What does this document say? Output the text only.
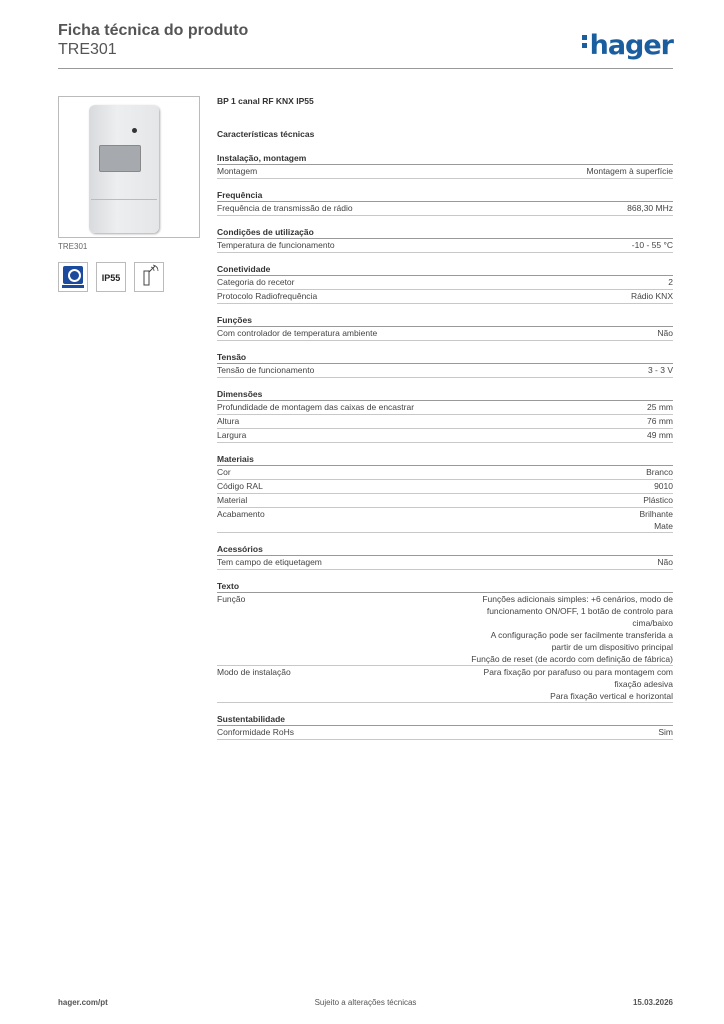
Ficha técnica do produto
TRE301	hager
TRE301
IP55
BP 1 canal RF KNX IP55
Características técnicas
Instalação, montagem
Montagem	Montagem à superfície
Frequência
Frequência de transmissão de rádio	868,30 MHz
Condições de utilização
Temperatura de funcionamento	-10 - 55 °C
Conetividade
Categoria do recetor	2
Protocolo Radiofrequência	Rádio KNX
Funções
Com controlador de temperatura ambiente	Não
Tensão
Tensão de funcionamento	3 - 3 V
Dimensões
Profundidade de montagem das caixas de encastrar	25 mm
Altura	76 mm
Largura	49 mm
Materiais
Cor	Branco
Código RAL	9010
Material	Plástico
Acabamento	Brilhante
Mate
Acessórios
Tem campo de etiquetagem	Não
Texto
Função	Funções adicionais simples: +6 cenários, modo de
funcionamento ON/OFF, 1 botão de controlo para
cima/baixo
A configuração pode ser facilmente transferida a
partir de um dispositivo principal
Função de reset (de acordo com definição de fábrica)
Modo de instalação	Para fixação por parafuso ou para montagem com
fixação adesiva
Para fixação vertical e horizontal
Sustentabilidade
Conformidade RoHs	Sim
hager.com/pt	Sujeito a alterações técnicas	15.03.2026
